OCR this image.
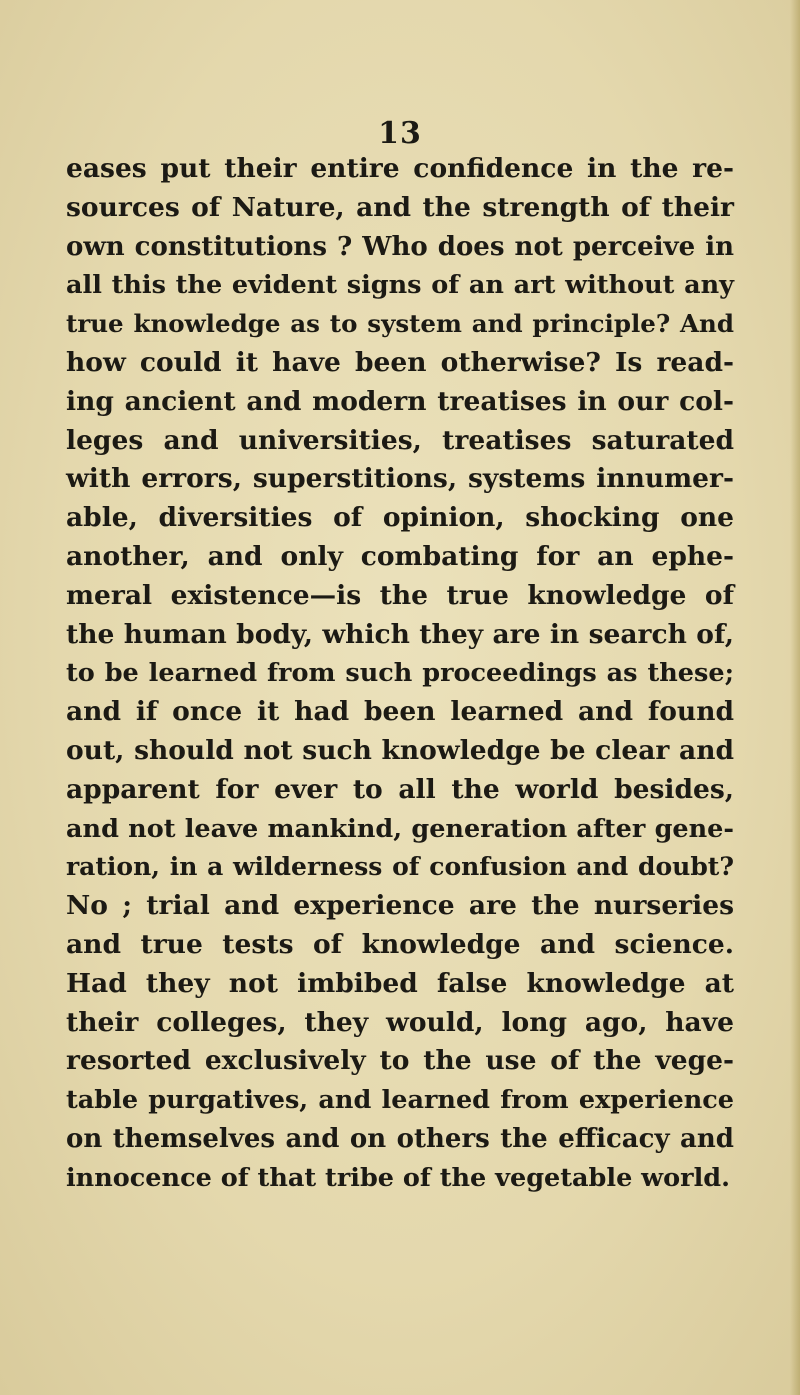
13
eases put their entire confidence in the re-
sources of Nature, and the strength of their
own constitutions ? Who does not perceive in
all this the evident signs of an art without any
true knowledge as to system and principle? And
how could it have been otherwise? Is read-
ing ancient and modern treatises in our col-
leges and universities, treatises saturated
with errors, superstitions, systems innumer-
able, diversities of opinion, shocking one
another, and only combating for an ephe-
meral existence—is the true knowledge of
the human body, which they are in search of,
to be learned from such proceedings as these;
and if once it had been learned and found
out, should not such knowledge be clear and
apparent for ever to all the world besides,
and not leave mankind, generation after gene-
ration, in a wilderness of confusion and doubt?
No ; trial and experience are the nurseries
and true tests of knowledge and science.
Had they not imbibed false knowledge at
their colleges, they would, long ago, have
resorted exclusively to the use of the vege-
table purgatives, and learned from experience
on themselves and on others the efficacy and
innocence of that tribe of the vegetable world.
